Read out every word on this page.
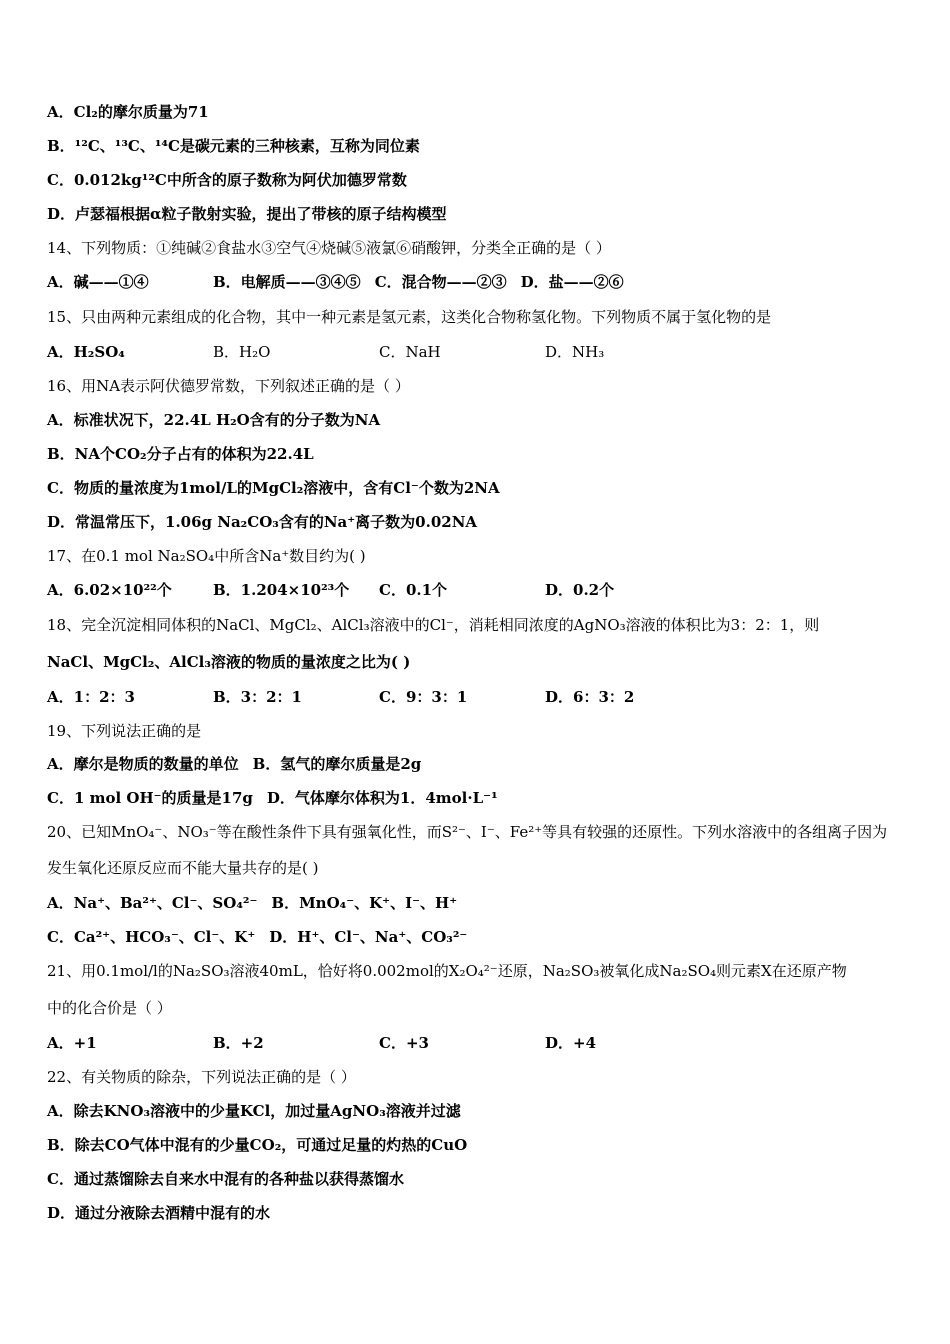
A．Cl₂的摩尔质量为71
B．¹²C、¹³C、¹⁴C是碳元素的三种核素，互称为同位素
C．0.012kg¹²C中所含的原子数称为阿伏加德罗常数
D．卢瑟福根据α粒子散射实验，提出了带核的原子结构模型
14、下列物质：①纯碱②食盐水③空气④烧碱⑤液氯⑥硝酸钾，分类全正确的是（ ）
A．碱——①④	B．电解质——③④⑤ C．混合物——②③ D．盐——②⑥
15、只由两种元素组成的化合物，其中一种元素是氢元素，这类化合物称氢化物。下列物质不属于氢化物的是
A．H₂SO₄	B．H₂O	C．NaH	D．NH₃
16、用NA表示阿伏德罗常数，下列叙述正确的是（ ）
A．标准状况下，22.4L H₂O含有的分子数为NA
B．NA个CO₂分子占有的体积为22.4L
C．物质的量浓度为1mol/L的MgCl₂溶液中，含有Cl⁻个数为2NA
D．常温常压下，1.06g Na₂CO₃含有的Na⁺离子数为0.02NA
17、在0.1 mol Na₂SO₄中所含Na⁺数目约为( )
A．6.02×10²²个	B．1.204×10²³个 C．0.1个	D．0.2个
18、完全沉淀相同体积的NaCl、MgCl₂、AlCl₃溶液中的Cl⁻，消耗相同浓度的AgNO₃溶液的体积比为3：2：1，则
NaCl、MgCl₂、AlCl₃溶液的物质的量浓度之比为( )
A．1：2：3	B．3：2：1	C．9：3：1	D．6：3：2
19、下列说法正确的是
A．摩尔是物质的数量的单位 B．氢气的摩尔质量是2g
C．1 mol OH⁻的质量是17g D．气体摩尔体积为1．4mol·L⁻¹
20、已知MnO₄⁻、NO₃⁻等在酸性条件下具有强氧化性，而S²⁻、I⁻、Fe²⁺等具有较强的还原性。下列水溶液中的各组离子因为
发生氧化还原反应而不能大量共存的是( )
A．Na⁺、Ba²⁺、Cl⁻、SO₄²⁻ B．MnO₄⁻、K⁺、I⁻、H⁺
C．Ca²⁺、HCO₃⁻、Cl⁻、K⁺ D．H⁺、Cl⁻、Na⁺、CO₃²⁻
21、用0.1mol/l的Na₂SO₃溶液40mL，恰好将0.002mol的X₂O₄²⁻还原，Na₂SO₃被氧化成Na₂SO₄则元素X在还原产物
中的化合价是（ ）
A．+1	B．+2	C．+3	D．+4
22、有关物质的除杂，下列说法正确的是（ ）
A．除去KNO₃溶液中的少量KCl，加过量AgNO₃溶液并过滤
B．除去CO气体中混有的少量CO₂，可通过足量的灼热的CuO
C．通过蒸馏除去自来水中混有的各种盐以获得蒸馏水
D．通过分液除去酒精中混有的水
